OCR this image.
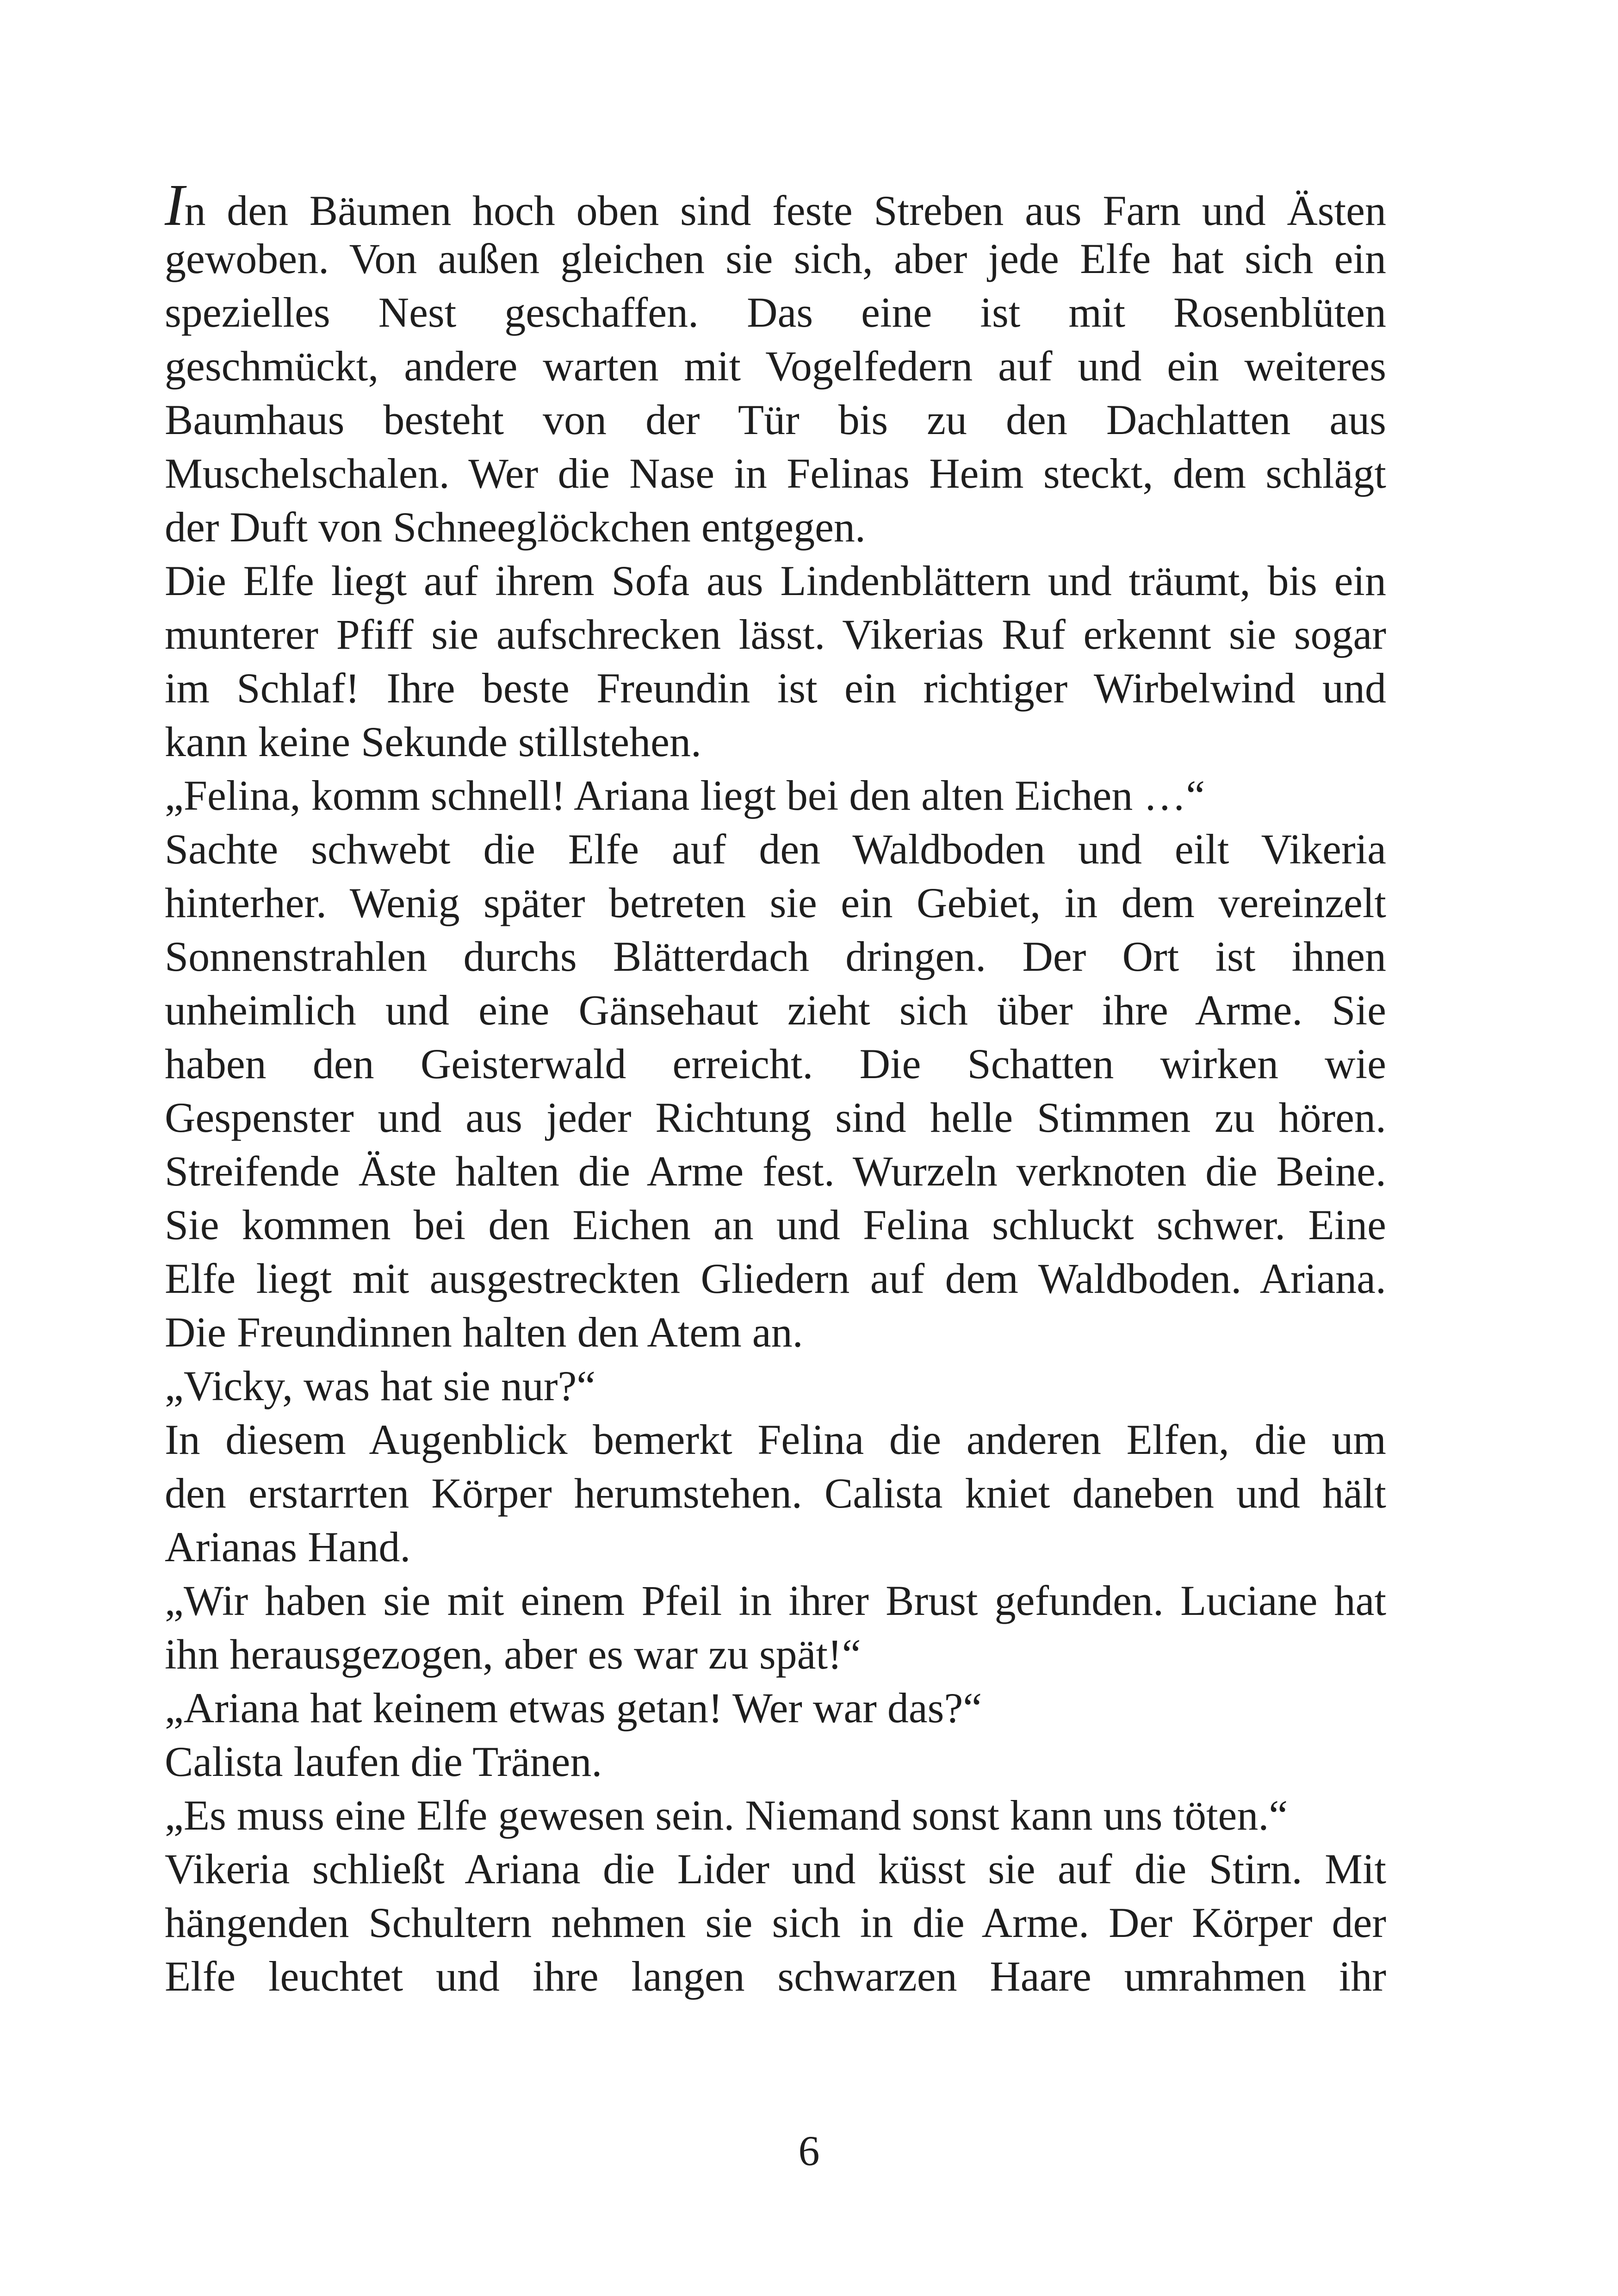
In den Bäumen hoch oben sind feste Streben aus Farn und Ästen
gewoben. Von außen gleichen sie sich, aber jede Elfe hat sich ein
spezielles Nest geschaffen. Das eine ist mit Rosenblüten
geschmückt, andere warten mit Vogelfedern auf und ein weiteres
Baumhaus besteht von der Tür bis zu den Dachlatten aus
Muschelschalen. Wer die Nase in Felinas Heim steckt, dem schlägt
der Duft von Schneeglöckchen entgegen.

Die Elfe liegt auf ihrem Sofa aus Lindenblättern und träumt, bis ein
munterer Pfiff sie aufschrecken lässt. Vikerias Ruf erkennt sie sogar
im Schlaf! Ihre beste Freundin ist ein richtiger Wirbelwind und
kann keine Sekunde stillstehen.

„Felina, komm schnell! Ariana liegt bei den alten Eichen …“

Sachte schwebt die Elfe auf den Waldboden und eilt Vikeria
hinterher. Wenig später betreten sie ein Gebiet, in dem vereinzelt
Sonnenstrahlen durchs Blätterdach dringen. Der Ort ist ihnen
unheimlich und eine Gänsehaut zieht sich über ihre Arme. Sie
haben den Geisterwald erreicht. Die Schatten wirken wie
Gespenster und aus jeder Richtung sind helle Stimmen zu hören.
Streifende Äste halten die Arme fest. Wurzeln verknoten die Beine.
Sie kommen bei den Eichen an und Felina schluckt schwer. Eine
Elfe liegt mit ausgestreckten Gliedern auf dem Waldboden. Ariana.
Die Freundinnen halten den Atem an.

„Vicky, was hat sie nur?“

In diesem Augenblick bemerkt Felina die anderen Elfen, die um
den erstarrten Körper herumstehen. Calista kniet daneben und hält
Arianas Hand.

„Wir haben sie mit einem Pfeil in ihrer Brust gefunden. Luciane hat
ihn herausgezogen, aber es war zu spät!“

„Ariana hat keinem etwas getan! Wer war das?“

Calista laufen die Tränen.

„Es muss eine Elfe gewesen sein. Niemand sonst kann uns töten.“

Vikeria schließt Ariana die Lider und küsst sie auf die Stirn. Mit
hängenden Schultern nehmen sie sich in die Arme. Der Körper der
Elfe leuchtet und ihre langen schwarzen Haare umrahmen ihr

6
